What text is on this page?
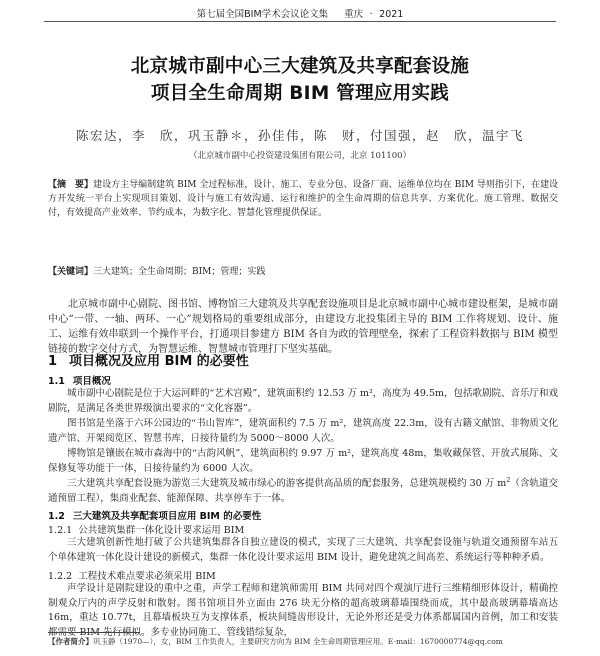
第七届全国BIM学术会议论文集 重庆 · 2021
北京城市副中心三大建筑及共享配套设施
项目全生命周期 BIM 管理应用实践
陈宏达，李　欣，巩玉静＊，孙佳伟，陈　财，付国强，赵　欣，温宇飞
（北京城市副中心投资建设集团有限公司，北京 101100）
【摘　要】建设方主导编制建筑 BIM 全过程标准，设计、施工、专业分包、设备厂商、运维单位均在 BIM 导则指引下，在建设方开发统一平台上实现项目策划、设计与施工有效沟通、运行和维护的全生命周期的信息共享、方案优化。施工管理、数据交付，有效提高产业效率、节约成本，为数字化、智慧化管理提供保证。
【关键词】三大建筑；全生命周期；BIM；管理；实践

北京城市副中心剧院、图书馆、博物馆三大建筑及共享配套设施项目是北京城市副中心城市建设框架，是城市副中心“一带、一轴、两环、一心”规划格局的重要组成部分，由建设方北投集团主导的 BIM 工作将规划、设计、施工、运维有效串联到一个操作平台，打通项目参建方 BIM 各自为政的管理壁垒，探索了工程资料数据与 BIM 模型链接的数字交付方式，为智慧运维、智慧城市管理打下坚实基础。

1 项目概况及应用 BIM 的必要性
1.1 项目概况

城市副中心剧院是位于大运河畔的“艺术宫殿”，建筑面积约 12.53 万 m²，高度为 49.5m，包括歌剧院、音乐厅和戏剧院，是满足各类世界级演出要求的“文化容器”。

图书馆是坐落于六环公园边的“书山智库”，建筑面积约 7.5 万 m²，建筑高度 22.3m，设有古籍文献馆、非物质文化遗产馆、开架阅览区、智慧书库，日接待量约为 5000～8000 人次。

博物馆是镶嵌在城市森海中的“古韵风帆”，建筑面积约 9.97 万 m²，建筑高度 48m，集收藏保管、开放式展陈、文保修复等功能于一体，日接待量约为 6000 人次。

三大建筑共享配套设施为游览三大建筑及城市绿心的游客提供高品质的配套服务，总建筑规模约 30 万 $m^2$（含轨道交通预留工程），集商业配套、能源保障、共享停车于一体。

1.2 三大建筑及共享配套项目应用 BIM 的必要性
1.2.1 公共建筑集群一体化设计要求运用 BIM

三大建筑创新性地打破了公共建筑集群各自独立建设的模式，实现了三大建筑、共享配套设施与轨道交通预留车站五个单体建筑一体化设计建设的新模式，集群一体化设计要求运用 BIM 设计，避免建筑之间高差、系统运行等种种矛盾。

1.2.2 工程技术难点要求必须采用 BIM

声学设计是剧院建设的重中之重，声学工程师和建筑师需用 BIM 共同对四个观演厅进行三维精细形体设计，精确控制观众厅内的声学反射和散射。图书馆项目外立面由 276 块无分格的超高玻璃幕墙围绕而成，其中最高玻璃幕墙高达 16m，重达 10.77t，且幕墙板块互为支撑体系，板块间缝齿形设计，无论外形还是受力体系都属国内首例，加工和安装都需要 BIM 先行模拟。多专业协同施工、管线错综复杂，

【作者简介】巩玉静（1970—），女，BIM 工作负责人，主要研究方向为 BIM 全生命周期管理应用。E-mail：1670000774@qq.com
